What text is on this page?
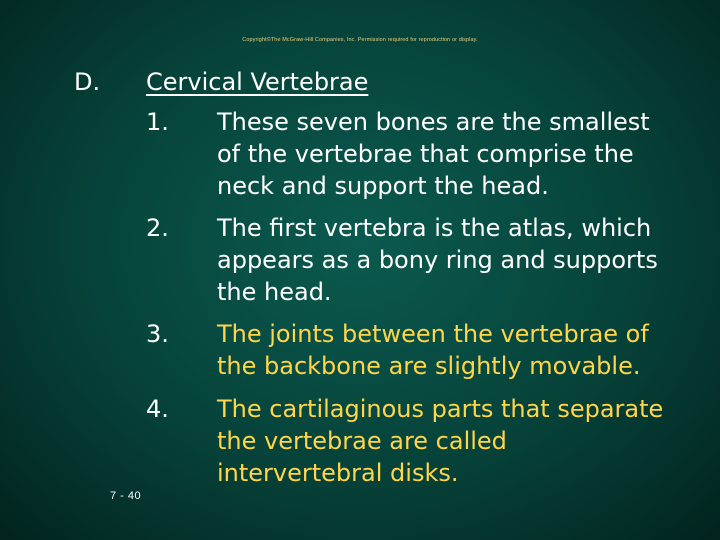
Copyright©The McGraw-Hill Companies, Inc. Permission required for reproduction or display.
D. Cervical Vertebrae
1. These seven bones are the smallest
of the vertebrae that comprise the
neck and support the head.
2. The first vertebra is the atlas, which
appears as a bony ring and supports
the head.
3. The joints between the vertebrae of
the backbone are slightly movable.
4. The cartilaginous parts that separate
the vertebrae are called
intervertebral disks.
7 - 40
